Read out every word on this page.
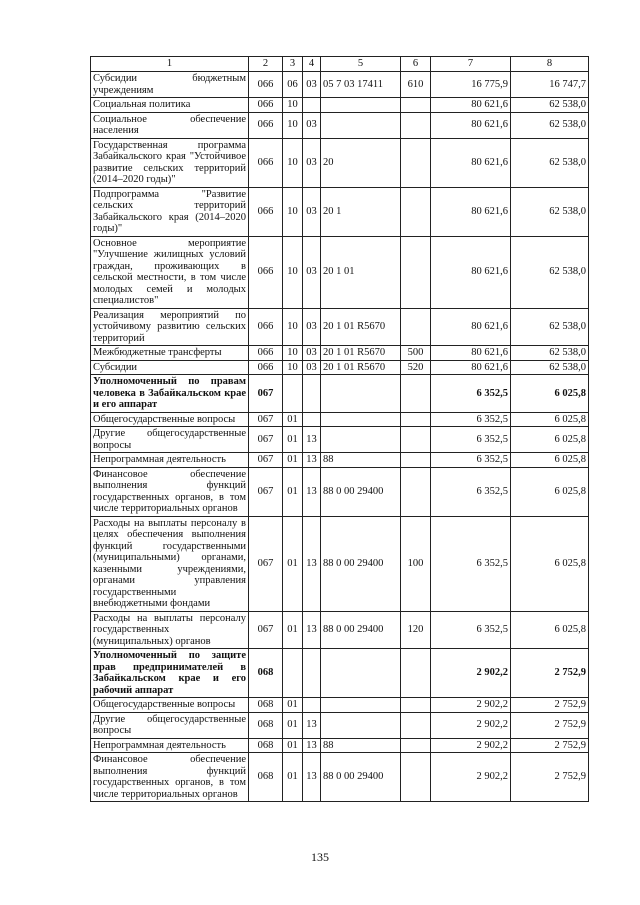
1	2	3	4	5	6	7	8
Субсидии бюджетным учреждениям	066	06	03	05 7 03 17411	610	16 775,9	16 747,7
Социальная политика	066	10				80 621,6	62 538,0
Социальное обеспечение населения	066	10	03			80 621,6	62 538,0
Государственная программа Забайкальского края "Устойчивое развитие сельских территорий (2014–2020 годы)"	066	10	03	20		80 621,6	62 538,0
Подпрограмма "Развитие сельских территорий Забайкальского края (2014–2020 годы)"	066	10	03	20 1		80 621,6	62 538,0
Основное мероприятие "Улучшение жилищных условий граждан, проживающих в сельской местности, в том числе молодых семей и молодых специалистов"	066	10	03	20 1 01		80 621,6	62 538,0
Реализация мероприятий по устойчивому развитию сельских территорий	066	10	03	20 1 01 R5670		80 621,6	62 538,0
Межбюджетные трансферты	066	10	03	20 1 01 R5670	500	80 621,6	62 538,0
Субсидии	066	10	03	20 1 01 R5670	520	80 621,6	62 538,0
Уполномоченный по правам человека в Забайкальском крае и его аппарат	067					6 352,5	6 025,8
Общегосударственные вопросы	067	01				6 352,5	6 025,8
Другие общегосударственные вопросы	067	01	13			6 352,5	6 025,8
Непрограммная деятельность	067	01	13	88		6 352,5	6 025,8
Финансовое обеспечение выполнения функций государственных органов, в том числе территориальных органов	067	01	13	88 0 00 29400		6 352,5	6 025,8
Расходы на выплаты персоналу в целях обеспечения выполнения функций государственными (муниципальными) органами, казенными учреждениями, органами управления государственными внебюджетными фондами	067	01	13	88 0 00 29400	100	6 352,5	6 025,8
Расходы на выплаты персоналу государственных (муниципальных) органов	067	01	13	88 0 00 29400	120	6 352,5	6 025,8
Уполномоченный по защите прав предпринимателей в Забайкальском крае и его рабочий аппарат	068					2 902,2	2 752,9
Общегосударственные вопросы	068	01				2 902,2	2 752,9
Другие общегосударственные вопросы	068	01	13			2 902,2	2 752,9
Непрограммная деятельность	068	01	13	88		2 902,2	2 752,9
Финансовое обеспечение выполнения функций государственных органов, в том числе территориальных органов	068	01	13	88 0 00 29400		2 902,2	2 752,9
135
